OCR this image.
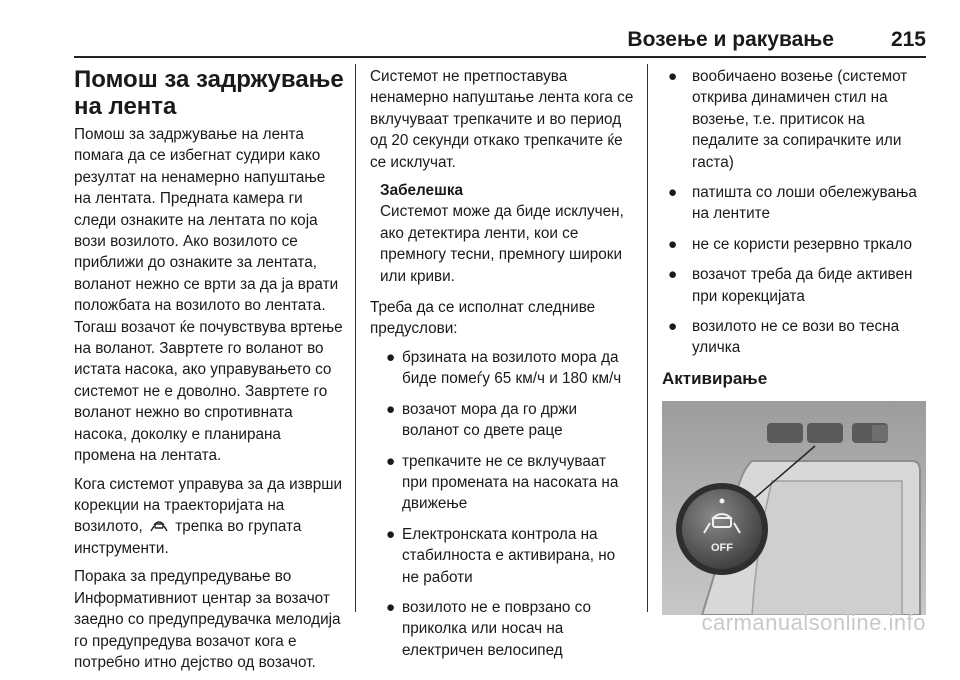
Возење и ракување	215
Помош за задржување на лента

Помош за задржување на лента помага да се избегнат судири како резултат на ненамерно напуштање на лентата. Предната камера ги следи ознаките на лентата по која вози возилото. Ако возилото се приближи до ознаките за лентата, воланот нежно се врти за да ја врати положбата на возилото во лентата. Тогаш возачот ќе почувствува вртење на воланот. Завртете го воланот во истата насока, ако управувањето со системот не е доволно. Завртете го воланот нежно во спротивната насока, доколку е планирана промена на лентата.

Кога системот управува за да изврши корекции на траекторијата на возилото, трепка во групата инструменти.

Порака за предупредување во Информативниот центар за возачот заедно со предупредувачка мелодија го предупредува возачот кога е потребно итно дејство од возачот.

Системот не претпоставува ненамерно напуштање лента кога се вклучуваат трепкачите и во период од 20 секунди откако трепкачите ќе се исклучат.

Забелешка
Системот може да биде исклучен, ако детектира ленти, кои се премногу тесни, премногу широки или криви.

Треба да се исполнат следниве предуслови:

● брзината на возилото мора да биде помеѓу 65 км/ч и 180 км/ч
● возачот мора да го држи воланот со двете раце
● трепкачите не се вклучуваат при промената на насоката на движење
● Електронската контрола на стабилноста е активирана, но не работи
● возилото не е поврзано со приколка или носач на електричен велосипед
● вообичаено возење (системот открива динамичен стил на возење, т.е. притисок на педалите за сопирачките или гаста)
● патишта со лоши обележувања на лентите
● не се користи резервно тркало
● возачот треба да биде активен при корекцијата
● возилото не се вози во тесна уличка
Активирање
OFF
carmanualsonline.info
